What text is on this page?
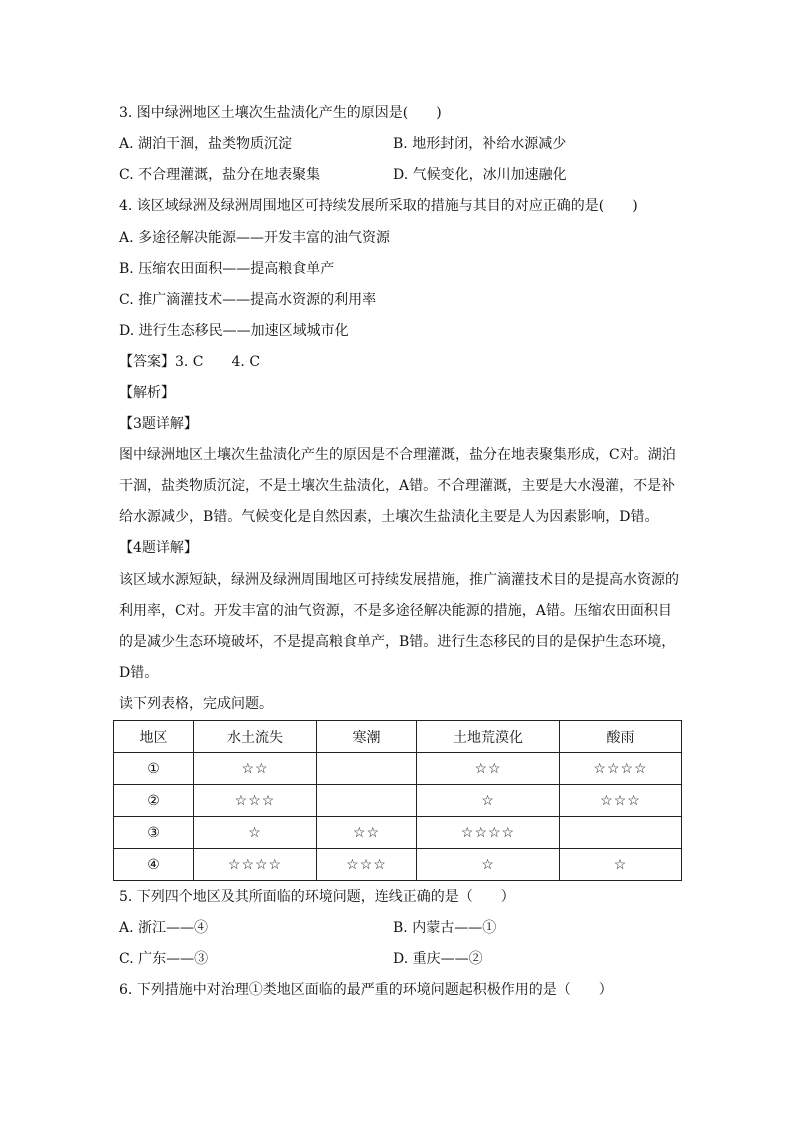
3. 图中绿洲地区土壤次生盐渍化产生的原因是(　　)
A. 湖泊干涸，盐类物质沉淀	B. 地形封闭，补给水源减少
C. 不合理灌溉，盐分在地表聚集	D. 气候变化，冰川加速融化
4. 该区域绿洲及绿洲周围地区可持续发展所采取的措施与其目的对应正确的是(　　)
A. 多途径解决能源——开发丰富的油气资源
B. 压缩农田面积——提高粮食单产
C. 推广滴灌技术——提高水资源的利用率
D. 进行生态移民——加速区域城市化
【答案】3. C　　4. C
【解析】
【3题详解】
图中绿洲地区土壤次生盐渍化产生的原因是不合理灌溉，盐分在地表聚集形成，C对。湖泊
干涸，盐类物质沉淀，不是土壤次生盐渍化，A错。不合理灌溉，主要是大水漫灌，不是补
给水源减少，B错。气候变化是自然因素，土壤次生盐渍化主要是人为因素影响，D错。
【4题详解】
该区域水源短缺，绿洲及绿洲周围地区可持续发展措施，推广滴灌技术目的是提高水资源的
利用率，C对。开发丰富的油气资源，不是多途径解决能源的措施，A错。压缩农田面积目
的是减少生态环境破坏，不是提高粮食单产，B错。进行生态移民的目的是保护生态环境，
D错。
读下列表格，完成问题。
地区	水土流失	寒潮	土地荒漠化	酸雨
①	☆☆		☆☆	☆☆☆☆
②	☆☆☆		☆	☆☆☆
③	☆	☆☆	☆☆☆☆	
④	☆☆☆☆	☆☆☆	☆	☆
5. 下列四个地区及其所面临的环境问题，连线正确的是（　　）
A. 浙江——④	B. 内蒙古——①
C. 广东——③	D. 重庆——②
6. 下列措施中对治理①类地区面临的最严重的环境问题起积极作用的是（　　）
